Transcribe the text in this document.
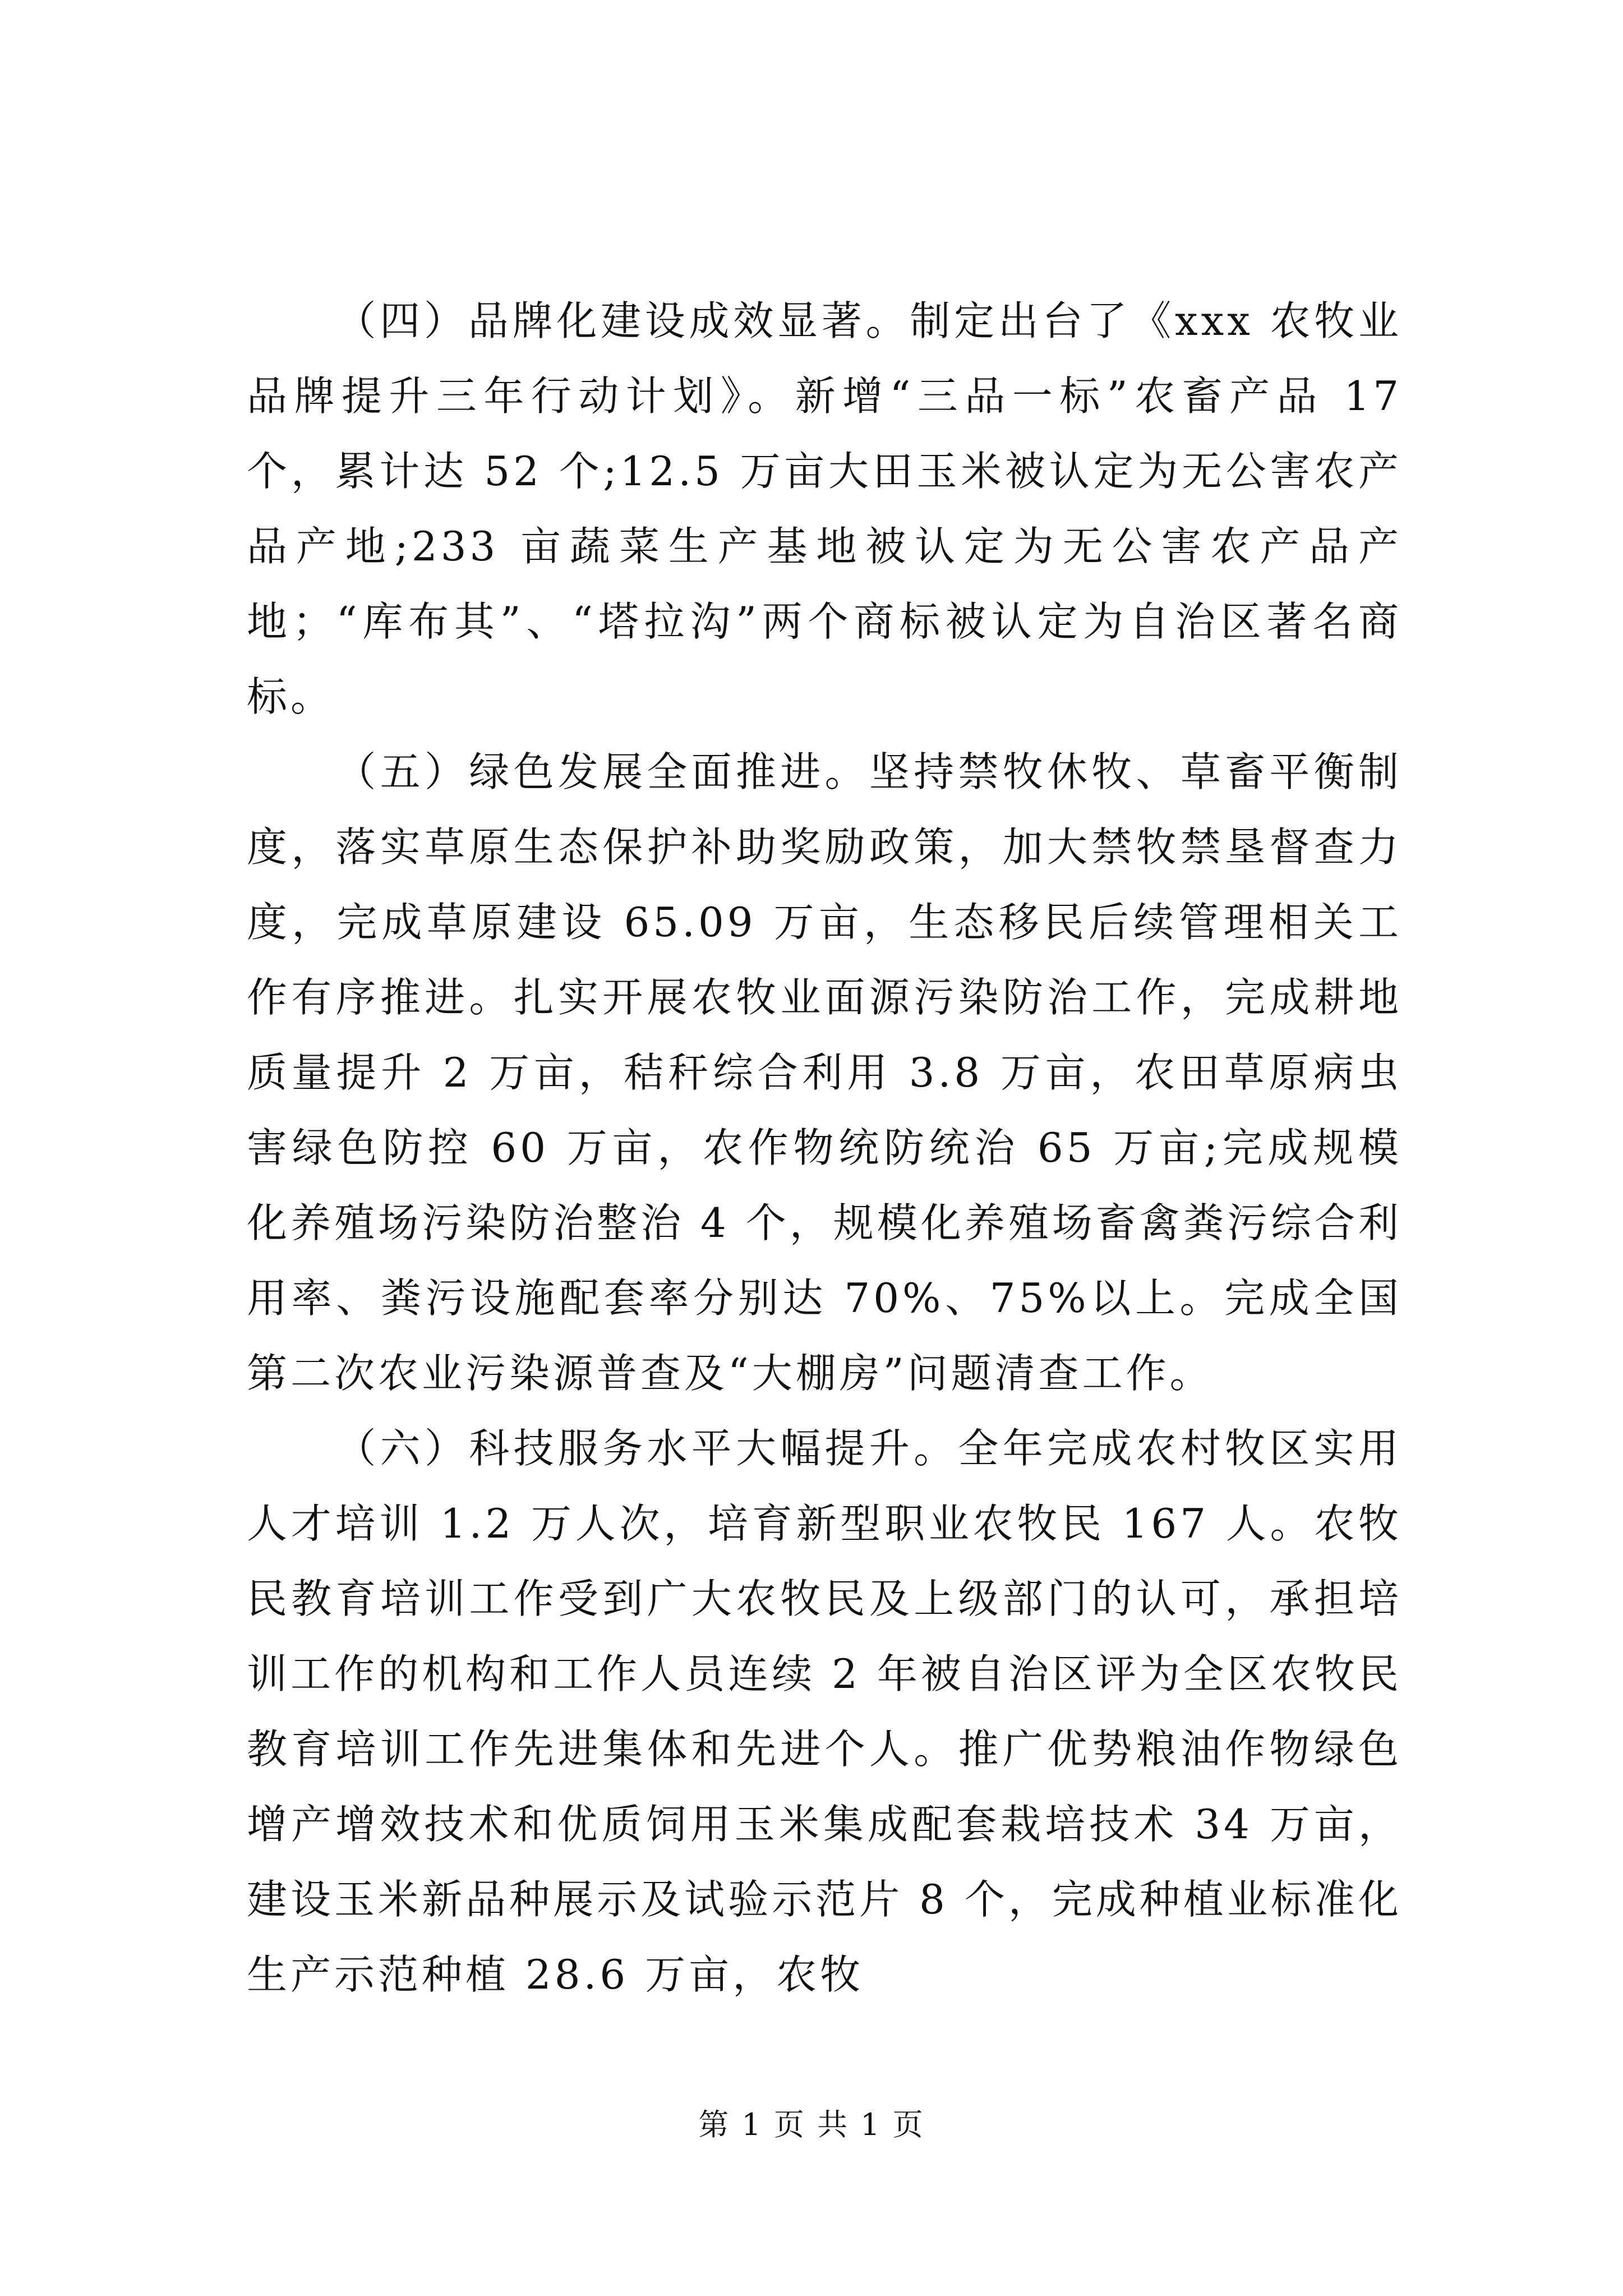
（四）品牌化建设成效显著。制定出台了《xxx 农牧业品牌提升三年行动计划》。新增“三品一标”农畜产品 17 个，累计达 52 个;12.5 万亩大田玉米被认定为无公害农产品产地;233 亩蔬菜生产基地被认定为无公害农产品产地；“库布其”、“塔拉沟”两个商标被认定为自治区著名商标。

（五）绿色发展全面推进。坚持禁牧休牧、草畜平衡制度，落实草原生态保护补助奖励政策，加大禁牧禁垦督查力度，完成草原建设 65.09 万亩，生态移民后续管理相关工作有序推进。扎实开展农牧业面源污染防治工作，完成耕地质量提升 2 万亩，秸秆综合利用 3.8 万亩，农田草原病虫害绿色防控 60 万亩，农作物统防统治 65 万亩;完成规模化养殖场污染防治整治 4 个，规模化养殖场畜禽粪污综合利用率、粪污设施配套率分别达 70%、75%以上。完成全国第二次农业污染源普查及“大棚房”问题清查工作。

（六）科技服务水平大幅提升。全年完成农村牧区实用人才培训 1.2 万人次，培育新型职业农牧民 167 人。农牧民教育培训工作受到广大农牧民及上级部门的认可，承担培训工作的机构和工作人员连续 2 年被自治区评为全区农牧民教育培训工作先进集体和先进个人。推广优势粮油作物绿色增产增效技术和优质饲用玉米集成配套栽培技术 34 万亩，建设玉米新品种展示及试验示范片 8 个，完成种植业标准化生产示范种植 28.6 万亩，农牧

第 1 页 共 1 页
